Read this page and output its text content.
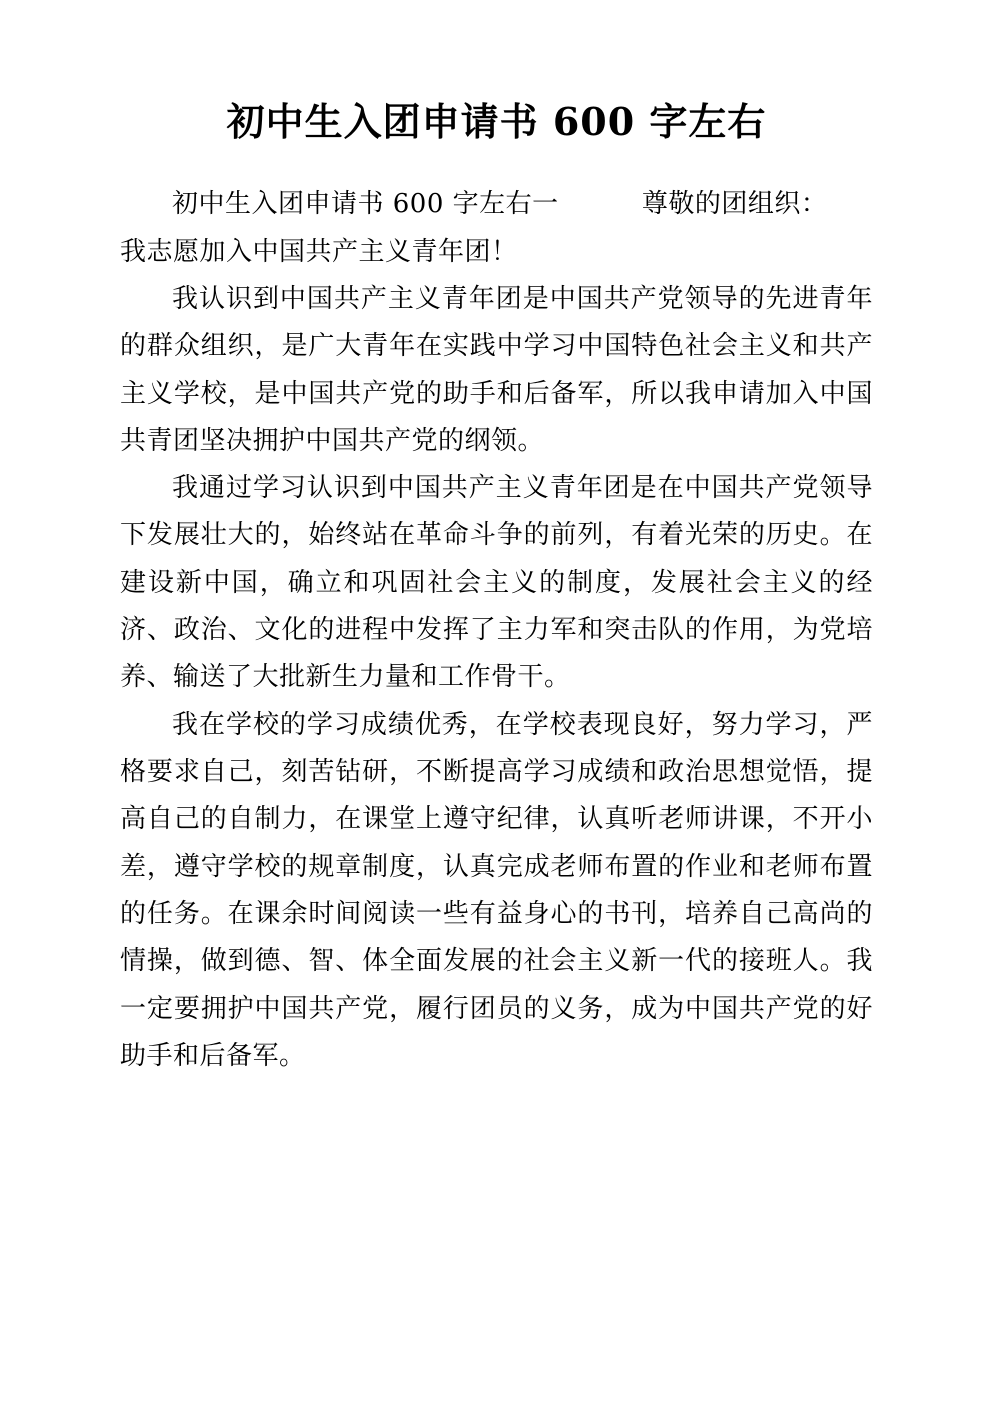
初中生入团申请书 600 字左右

初中生入团申请书 600 字左右一	尊敬的团组织：

我志愿加入中国共产主义青年团！

我认识到中国共产主义青年团是中国共产党领导的先进青年的群众组织，是广大青年在实践中学习中国特色社会主义和共产主义学校，是中国共产党的助手和后备军，所以我申请加入中国共青团坚决拥护中国共产党的纲领。

我通过学习认识到中国共产主义青年团是在中国共产党领导下发展壮大的，始终站在革命斗争的前列，有着光荣的历史。在建设新中国，确立和巩固社会主义的制度，发展社会主义的经济、政治、文化的进程中发挥了主力军和突击队的作用，为党培养、输送了大批新生力量和工作骨干。

我在学校的学习成绩优秀，在学校表现良好，努力学习，严格要求自己，刻苦钻研，不断提高学习成绩和政治思想觉悟，提高自己的自制力，在课堂上遵守纪律，认真听老师讲课，不开小差，遵守学校的规章制度，认真完成老师布置的作业和老师布置的任务。在课余时间阅读一些有益身心的书刊，培养自己高尚的情操，做到德、智、体全面发展的社会主义新一代的接班人。我一定要拥护中国共产党，履行团员的义务，成为中国共产党的好助手和后备军。
